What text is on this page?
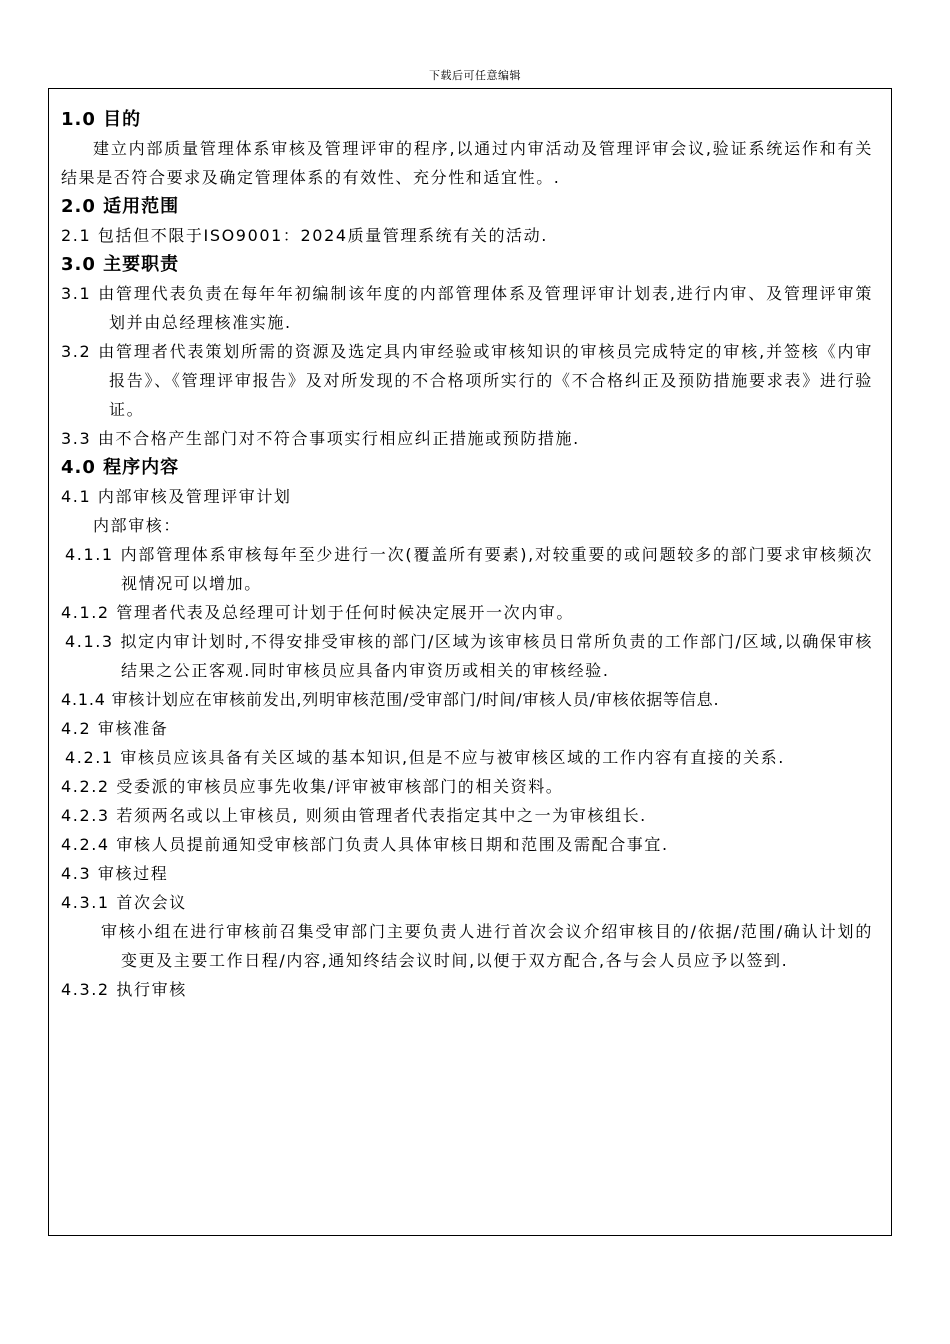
下载后可任意编辑

1.0 目的

建立内部质量管理体系审核及管理评审的程序,以通过内审活动及管理评审会议,验证系统运作和有关结果是否符合要求及确定管理体系的有效性、充分性和适宜性。.

2.0 适用范围

2.1 包括但不限于ISO9001：2024质量管理系统有关的活动.

3.0 主要职责

3.1 由管理代表负责在每年年初编制该年度的内部管理体系及管理评审计划表,进行内审、及管理评审策划并由总经理核准实施.

3.2 由管理者代表策划所需的资源及选定具内审经验或审核知识的审核员完成特定的审核,并签核《内审报告》、《管理评审报告》及对所发现的不合格项所实行的《不合格纠正及预防措施要求表》进行验证。

3.3 由不合格产生部门对不符合事项实行相应纠正措施或预防措施.

4.0 程序内容

4.1 内部审核及管理评审计划

内部审核：

4.1.1 内部管理体系审核每年至少进行一次(覆盖所有要素),对较重要的或问题较多的部门要求审核频次视情况可以增加。

4.1.2 管理者代表及总经理可计划于任何时候决定展开一次内审。

4.1.3 拟定内审计划时,不得安排受审核的部门/区域为该审核员日常所负责的工作部门/区域,以确保审核结果之公正客观.同时审核员应具备内审资历或相关的审核经验.

4.1.4 审核计划应在审核前发出,列明审核范围/受审部门/时间/审核人员/审核依据等信息.

4.2 审核准备

4.2.1 审核员应该具备有关区域的基本知识,但是不应与被审核区域的工作内容有直接的关系.

4.2.2 受委派的审核员应事先收集/评审被审核部门的相关资料。

4.2.3 若须两名或以上审核员, 则须由管理者代表指定其中之一为审核组长.

4.2.4 审核人员提前通知受审核部门负责人具体审核日期和范围及需配合事宜.

4.3 审核过程

4.3.1 首次会议

审核小组在进行审核前召集受审部门主要负责人进行首次会议介绍审核目的/依据/范围/确认计划的变更及主要工作日程/内容,通知终结会议时间,以便于双方配合,各与会人员应予以签到.

4.3.2 执行审核
